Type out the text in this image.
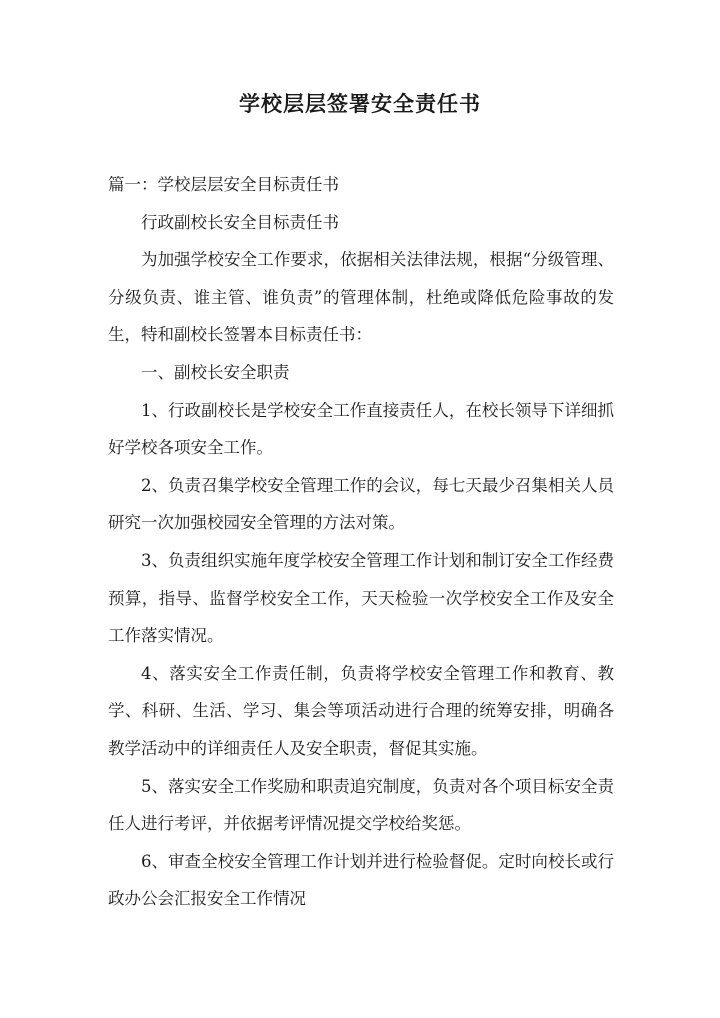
学校层层签署安全责任书

篇一：学校层层安全目标责任书

行政副校长安全目标责任书

为加强学校安全工作要求，依据相关法律法规，根据“分级管理、分级负责、谁主管、谁负责”的管理体制，杜绝或降低危险事故的发生，特和副校长签署本目标责任书：

一、副校长安全职责

1、行政副校长是学校安全工作直接责任人，在校长领导下详细抓好学校各项安全工作。

2、负责召集学校安全管理工作的会议，每七天最少召集相关人员研究一次加强校园安全管理的方法对策。

3、负责组织实施年度学校安全管理工作计划和制订安全工作经费预算，指导、监督学校安全工作，天天检验一次学校安全工作及安全工作落实情况。

4、落实安全工作责任制，负责将学校安全管理工作和教育、教学、科研、生活、学习、集会等项活动进行合理的统筹安排，明确各教学活动中的详细责任人及安全职责，督促其实施。

5、落实安全工作奖励和职责追究制度，负责对各个项目标安全责任人进行考评，并依据考评情况提交学校给奖惩。

6、审查全校安全管理工作计划并进行检验督促。定时向校长或行政办公会汇报安全工作情况
